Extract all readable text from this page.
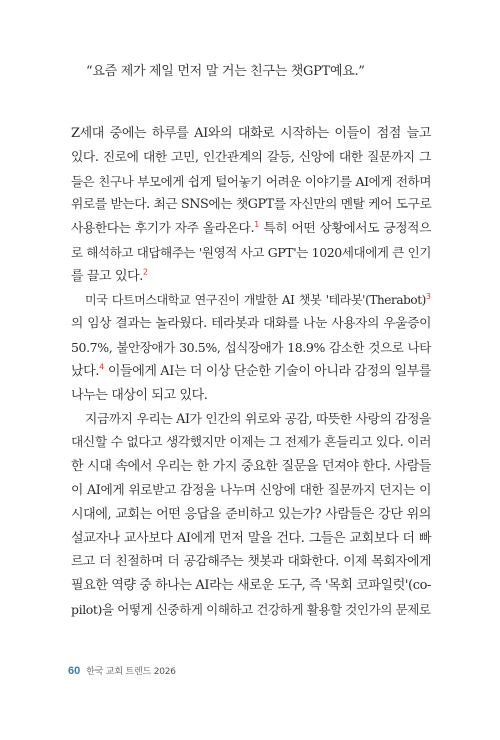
“요즘 제가 제일 먼저 말 거는 친구는 챗GPT예요.”
Z세대 중에는 하루를 AI와의 대화로 시작하는 이들이 점점 늘고
있다. 진로에 대한 고민, 인간관계의 갈등, 신앙에 대한 질문까지 그
들은 친구나 부모에게 쉽게 털어놓기 어려운 이야기를 AI에게 전하며
위로를 받는다. 최근 SNS에는 챗GPT를 자신만의 멘탈 케어 도구로
사용한다는 후기가 자주 올라온다.$^1$ 특히 어떤 상황에서도 긍정적으
로 해석하고 대답해주는 '원영적 사고 GPT'는 1020세대에게 큰 인기
를 끌고 있다.$^2$
미국 다트머스대학교 연구진이 개발한 AI 챗봇 '테라봇'(Therabot)$^3$
의 임상 결과는 놀라웠다. 테라봇과 대화를 나눈 사용자의 우울증이
50.7%, 불안장애가 30.5%, 섭식장애가 18.9% 감소한 것으로 나타
났다.$^4$ 이들에게 AI는 더 이상 단순한 기술이 아니라 감정의 일부를
나누는 대상이 되고 있다.
지금까지 우리는 AI가 인간의 위로와 공감, 따뜻한 사랑의 감정을
대신할 수 없다고 생각했지만 이제는 그 전제가 흔들리고 있다. 이러
한 시대 속에서 우리는 한 가지 중요한 질문을 던져야 한다. 사람들
이 AI에게 위로받고 감정을 나누며 신앙에 대한 질문까지 던지는 이
시대에, 교회는 어떤 응답을 준비하고 있는가? 사람들은 강단 위의
설교자나 교사보다 AI에게 먼저 말을 건다. 그들은 교회보다 더 빠
르고 더 친절하며 더 공감해주는 챗봇과 대화한다. 이제 목회자에게
필요한 역량 중 하나는 AI라는 새로운 도구, 즉 '목회 코파일럿'(co-
pilot)을 어떻게 신중하게 이해하고 건강하게 활용할 것인가의 문제로
60 한국 교회 트렌드 2026
